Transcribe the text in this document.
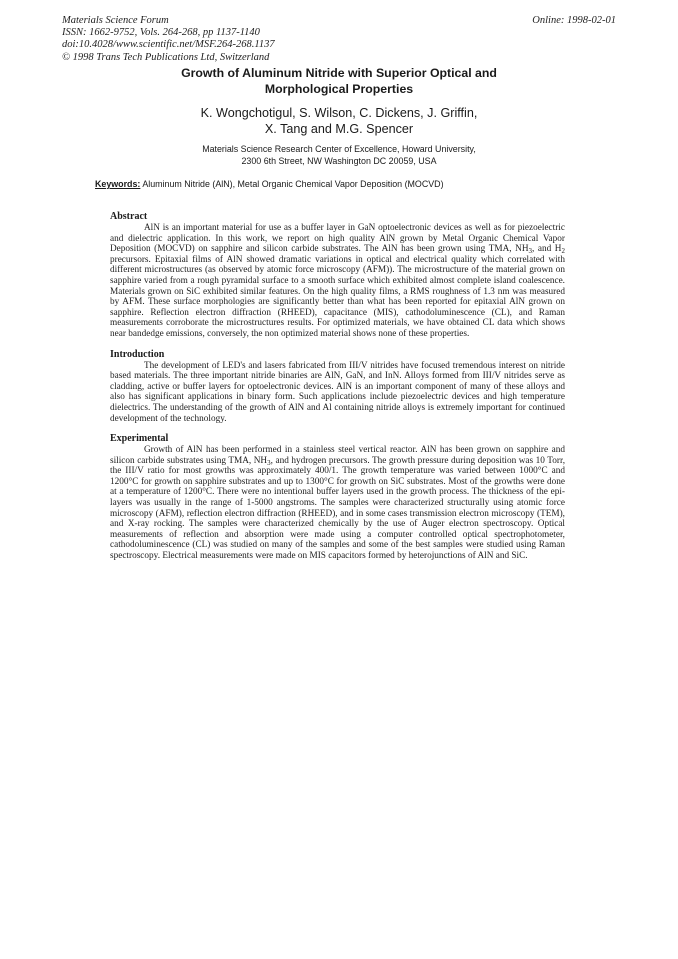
Materials Science Forum
ISSN: 1662-9752, Vols. 264-268, pp 1137-1140
doi:10.4028/www.scientific.net/MSF.264-268.1137
© 1998 Trans Tech Publications Ltd, Switzerland
Online: 1998-02-01
Growth of Aluminum Nitride with Superior Optical and
Morphological Properties
K. Wongchotigul, S. Wilson, C. Dickens, J. Griffin,
X. Tang and M.G. Spencer
Materials Science Research Center of Excellence, Howard University,
2300 6th Street, NW Washington DC 20059, USA
Keywords: Aluminum Nitride (AlN), Metal Organic Chemical Vapor Deposition (MOCVD)
Abstract

AlN is an important material for use as a buffer layer in GaN optoelectronic devices as well as for piezoelectric and dielectric application. In this work, we report on high quality AlN grown by Metal Organic Chemical Vapor Deposition (MOCVD) on sapphire and silicon carbide substrates. The AlN has been grown using TMA, $NH_3$, and $H_2$ precursors. Epitaxial films of AlN showed dramatic variations in optical and electrical quality which correlated with different microstructures (as observed by atomic force microscopy (AFM)). The microstructure of the material grown on sapphire varied from a rough pyramidal surface to a smooth surface which exhibited almost complete island coalescence. Materials grown on SiC exhibited similar features. On the high quality films, a RMS roughness of 1.3 nm was measured by AFM. These surface morphologies are significantly better than what has been reported for epitaxial AlN grown on sapphire. Reflection electron diffraction (RHEED), capacitance (MIS), cathodoluminescence (CL), and Raman measurements corroborate the microstructures results. For optimized materials, we have obtained CL data which shows near bandedge emissions, conversely, the non optimized material shows none of these properties.

Introduction

The development of LED's and lasers fabricated from III/V nitrides have focused tremendous interest on nitride based materials. The three important nitride binaries are AlN, GaN, and InN. Alloys formed from III/V nitrides serve as cladding, active or buffer layers for optoelectronic devices. AlN is an important component of many of these alloys and also has significant applications in binary form. Such applications include piezoelectric devices and high temperature dielectrics. The understanding of the growth of AlN and Al containing nitride alloys is extremely important for continued development of the technology.

Experimental

Growth of AlN has been performed in a stainless steel vertical reactor. AlN has been grown on sapphire and silicon carbide substrates using TMA, $NH_3$, and hydrogen precursors. The growth pressure during deposition was 10 Torr, the III/V ratio for most growths was approximately 400/1. The growth temperature was varied between 1000°C and 1200°C for growth on sapphire substrates and up to 1300°C for growth on SiC substrates. Most of the growths were done at a temperature of 1200°C. There were no intentional buffer layers used in the growth process. The thickness of the epi-layers was usually in the range of 1-5000 angstroms. The samples were characterized structurally using atomic force microscopy (AFM), reflection electron diffraction (RHEED), and in some cases transmission electron microscopy (TEM), and X-ray rocking. The samples were characterized chemically by the use of Auger electron spectroscopy. Optical measurements of reflection and absorption were made using a computer controlled optical spectrophotometer, cathodoluminescence (CL) was studied on many of the samples and some of the best samples were studied using Raman spectroscopy. Electrical measurements were made on MIS capacitors formed by heterojunctions of AlN and SiC.
